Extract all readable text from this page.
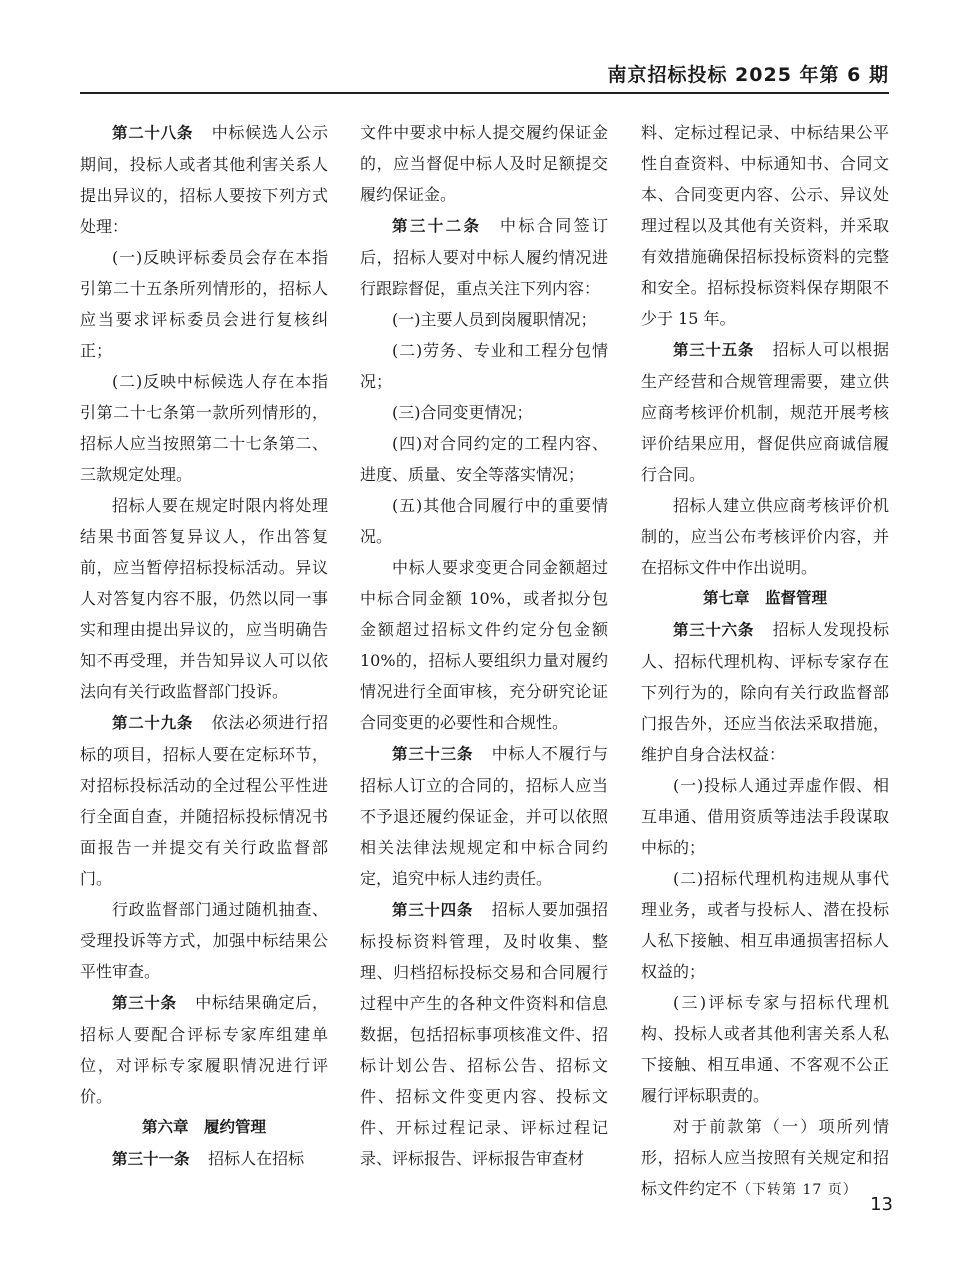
南京招标投标 2025 年第 6 期

第二十八条 中标候选人公示期间，投标人或者其他利害关系人提出异议的，招标人要按下列方式处理：

(一)反映评标委员会存在本指引第二十五条所列情形的，招标人应当要求评标委员会进行复核纠正；

(二)反映中标候选人存在本指引第二十七条第一款所列情形的，招标人应当按照第二十七条第二、三款规定处理。

招标人要在规定时限内将处理结果书面答复异议人，作出答复前，应当暂停招标投标活动。异议人对答复内容不服，仍然以同一事实和理由提出异议的，应当明确告知不再受理，并告知异议人可以依法向有关行政监督部门投诉。

第二十九条 依法必须进行招标的项目，招标人要在定标环节，对招标投标活动的全过程公平性进行全面自查，并随招标投标情况书面报告一并提交有关行政监督部门。

行政监督部门通过随机抽查、受理投诉等方式，加强中标结果公平性审查。

第三十条 中标结果确定后，招标人要配合评标专家库组建单位，对评标专家履职情况进行评价。

第六章　履约管理

第三十一条 招标人在招标

文件中要求中标人提交履约保证金的，应当督促中标人及时足额提交履约保证金。

第三十二条 中标合同签订后，招标人要对中标人履约情况进行跟踪督促，重点关注下列内容：

(一)主要人员到岗履职情况；

(二)劳务、专业和工程分包情况；

(三)合同变更情况；

(四)对合同约定的工程内容、进度、质量、安全等落实情况；

(五)其他合同履行中的重要情况。

中标人要求变更合同金额超过中标合同金额 10%，或者拟分包金额超过招标文件约定分包金额 10%的，招标人要组织力量对履约情况进行全面审核，充分研究论证合同变更的必要性和合规性。

第三十三条 中标人不履行与招标人订立的合同的，招标人应当不予退还履约保证金，并可以依照相关法律法规规定和中标合同约定，追究中标人违约责任。

第三十四条 招标人要加强招标投标资料管理，及时收集、整理、归档招标投标交易和合同履行过程中产生的各种文件资料和信息数据，包括招标事项核准文件、招标计划公告、招标公告、招标文件、招标文件变更内容、投标文件、开标过程记录、评标过程记录、评标报告、评标报告审查材

料、定标过程记录、中标结果公平性自查资料、中标通知书、合同文本、合同变更内容、公示、异议处理过程以及其他有关资料，并采取有效措施确保招标投标资料的完整和安全。招标投标资料保存期限不少于 15 年。

第三十五条 招标人可以根据生产经营和合规管理需要，建立供应商考核评价机制，规范开展考核评价结果应用，督促供应商诚信履行合同。

招标人建立供应商考核评价机制的，应当公布考核评价内容，并在招标文件中作出说明。

第七章　监督管理

第三十六条 招标人发现投标人、招标代理机构、评标专家存在下列行为的，除向有关行政监督部门报告外，还应当依法采取措施，维护自身合法权益：

(一)投标人通过弄虚作假、相互串通、借用资质等违法手段谋取中标的；

(二)招标代理机构违规从事代理业务，或者与投标人、潜在投标人私下接触、相互串通损害招标人权益的；

(三)评标专家与招标代理机构、投标人或者其他利害关系人私下接触、相互串通、不客观不公正履行评标职责的。

对于前款第（一）项所列情形，招标人应当按照有关规定和招标文件约定不（下转第 17 页）

13
